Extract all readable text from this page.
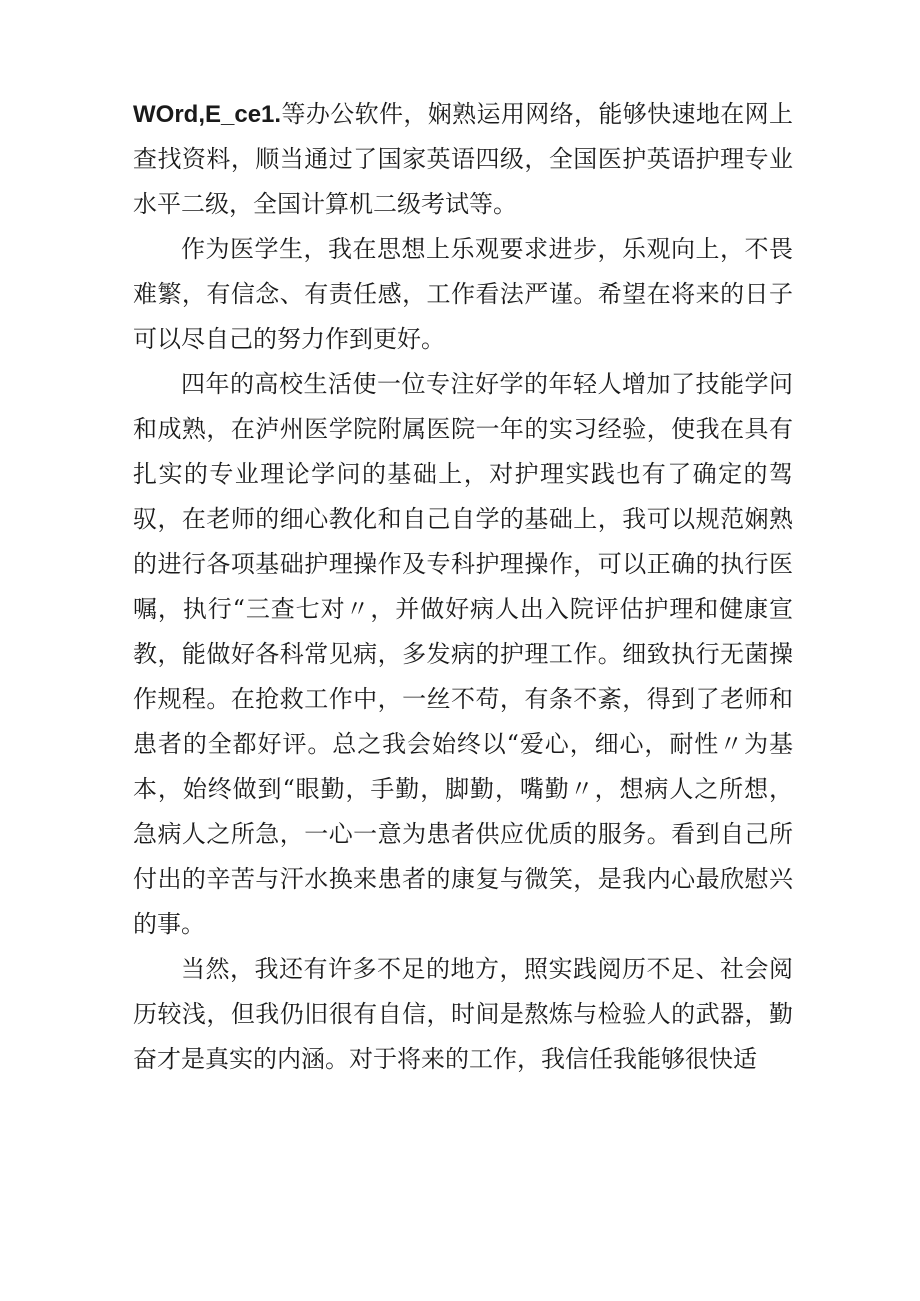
WOrd,E_ce1.等办公软件，娴熟运用网络，能够快速地在网上查找资料，顺当通过了国家英语四级，全国医护英语护理专业水平二级，全国计算机二级考试等。

作为医学生，我在思想上乐观要求进步，乐观向上，不畏难繁，有信念、有责任感，工作看法严谨。希望在将来的日子可以尽自己的努力作到更好。

四年的高校生活使一位专注好学的年轻人增加了技能学问和成熟，在泸州医学院附属医院一年的实习经验，使我在具有扎实的专业理论学问的基础上，对护理实践也有了确定的驾驭，在老师的细心教化和自己自学的基础上，我可以规范娴熟的进行各项基础护理操作及专科护理操作，可以正确的执行医嘱，执行“三查七对〃，并做好病人出入院评估护理和健康宣教，能做好各科常见病，多发病的护理工作。细致执行无菌操作规程。在抢救工作中，一丝不苟，有条不紊，得到了老师和患者的全都好评。总之我会始终以“爱心，细心，耐性〃为基本，始终做到“眼勤，手勤，脚勤，嘴勤〃，想病人之所想，急病人之所急，一心一意为患者供应优质的服务。看到自己所付出的辛苦与汗水换来患者的康复与微笑，是我内心最欣慰兴的事。

当然，我还有许多不足的地方，照实践阅历不足、社会阅历较浅，但我仍旧很有自信，时间是熬炼与检验人的武器，勤奋才是真实的内涵。对于将来的工作，我信任我能够很快适
